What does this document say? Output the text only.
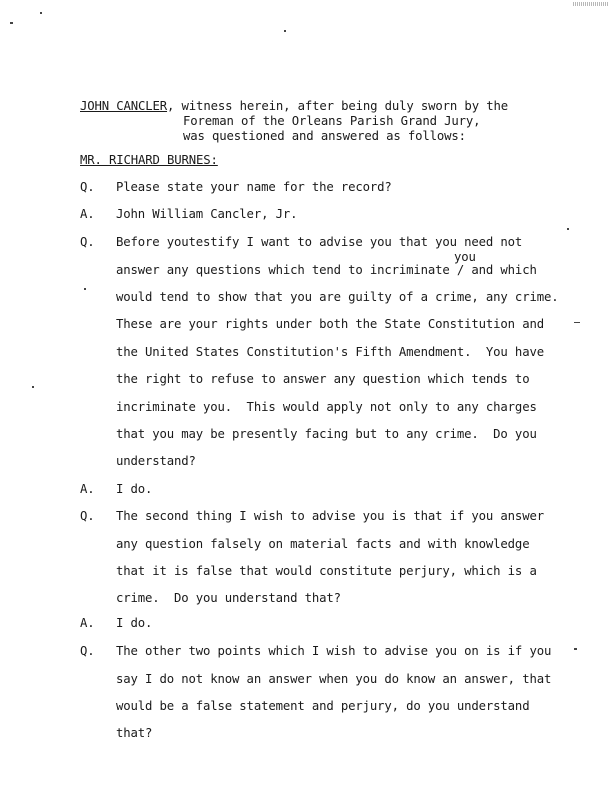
JOHN CANCLER, witness herein, after being duly sworn by the
Foreman of the Orleans Parish Grand Jury,
was questioned and answered as follows:
MR. RICHARD BURNES:
Q. Please state your name for the record?
A. John William Cancler, Jr.
Q. Before youtestify I want to advise you that you need not
you
answer any questions which tend to incriminate / and which
would tend to show that you are guilty of a crime, any crime.
These are your rights under both the State Constitution and
the United States Constitution's Fifth Amendment.  You have
the right to refuse to answer any question which tends to
incriminate you.  This would apply not only to any charges
that you may be presently facing but to any crime.  Do you
understand?
A. I do.
Q. The second thing I wish to advise you is that if you answer
any question falsely on material facts and with knowledge
that it is false that would constitute perjury, which is a
crime.  Do you understand that?
A. I do.
Q. The other two points which I wish to advise you on is if you
say I do not know an answer when you do know an answer, that
would be a false statement and perjury, do you understand
that?
